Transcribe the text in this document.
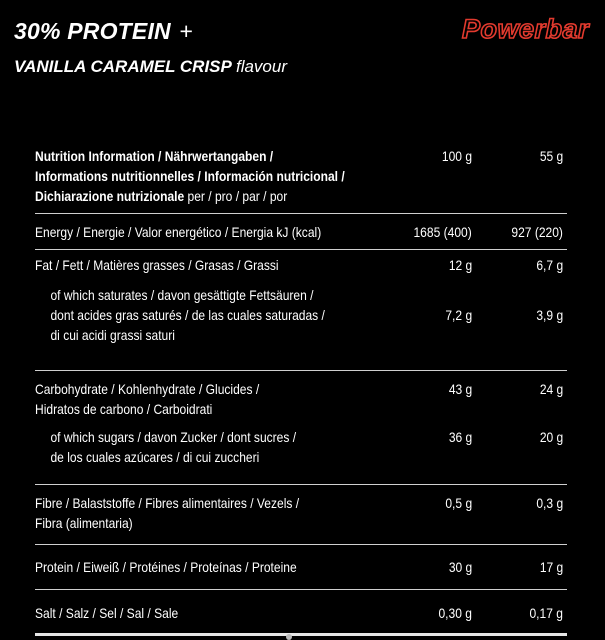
30% PROTEIN +
VANILLA CARAMEL CRISP flavour
Powerbar
Nutrition Information / Nährwertangaben /
Informations nutritionnelles / Información nutricional /
Dichiarazione nutrizionale per / pro / par / por
100 g	55 g
Energy / Energie / Valor energético / Energia kJ (kcal)	1685 (400)	927 (220)
Fat / Fett / Matières grasses / Grasas / Grassi	12 g	6,7 g
of which saturates / davon gesättigte Fettsäuren /
dont acides gras saturés / de las cuales saturadas /
di cui acidi grassi saturi
7,2 g	3,9 g
Carbohydrate / Kohlenhydrate / Glucides /
Hidratos de carbono / Carboidrati
43 g	24 g
of which sugars / davon Zucker / dont sucres /
de los cuales azúcares / di cui zuccheri
36 g	20 g
Fibre / Balaststoffe / Fibres alimentaires / Vezels /
Fibra (alimentaria)
0,5 g	0,3 g
Protein / Eiweiß / Protéines / Proteínas / Proteine	30 g	17 g
Salt / Salz / Sel / Sal / Sale	0,30 g	0,17 g
